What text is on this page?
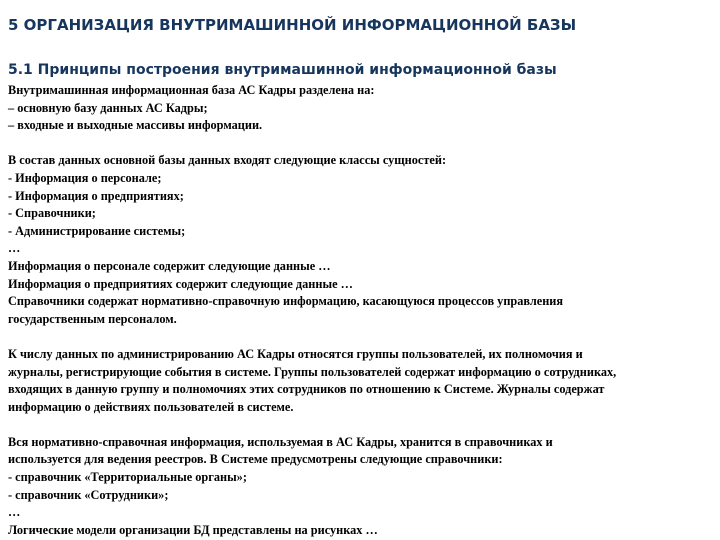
5 ОРГАНИЗАЦИЯ ВНУТРИМАШИННОЙ ИНФОРМАЦИОННОЙ БАЗЫ
5.1 Принципы построения внутримашинной информационной базы

Внутримашинная информационная база АС Кадры разделена на:
– основную базу данных АС Кадры;
– входные и выходные массивы информации.

В состав данных основной базы данных входят следующие классы сущностей:
- Информация о персонале;
- Информация о предприятиях;
- Справочники;
- Администрирование системы;
…
Информация о персонале содержит следующие данные …
Информация о предприятиях содержит следующие данные …
Справочники содержат нормативно-справочную информацию, касающуюся процессов управления
государственным персоналом.

К числу данных по администрированию АС Кадры относятся группы пользователей, их полномочия и
журналы, регистрирующие события в системе. Группы пользователей содержат информацию о сотрудниках,
входящих в данную группу и полномочиях этих сотрудников по отношению к Системе. Журналы содержат
информацию о действиях пользователей в системе.

Вся нормативно-справочная информация, используемая в АС Кадры, хранится в справочниках и
используется для ведения реестров. В Системе предусмотрены следующие справочники:
- справочник «Территориальные органы»;
- справочник «Сотрудники»;
…
Логические модели организации БД представлены на рисунках …
